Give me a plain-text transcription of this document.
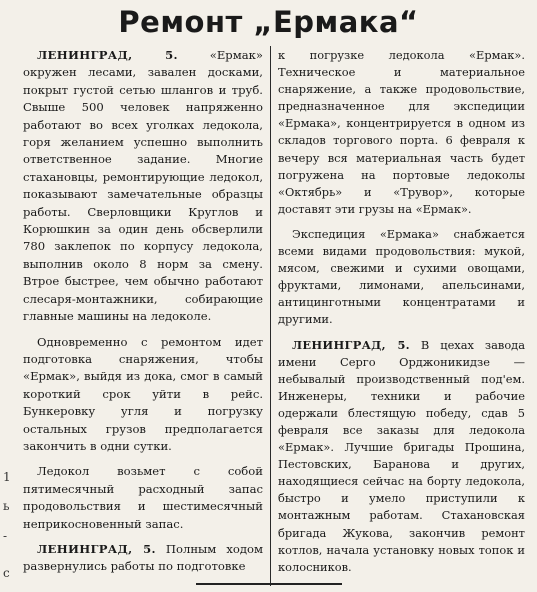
Ремонт „Ермака“
1
ь
-
с

ЛЕНИНГРАД, 5. «Ермак» окружен лесами, завален досками, покрыт густой сетью шлангов и труб. Свыше 500 человек напряженно работают во всех уголках ледокола, горя желанием успешно выполнить ответственное задание. Многие стахановцы, ремонтирующие ледокол, показывают замечательные образцы работы. Сверловщики Круглов и Корюшкин за один день обсверлили 780 заклепок по корпусу ледокола, выполнив около 8 норм за смену. Втрое быстрее, чем обычно работают слесаря-монтажники, собирающие главные машины на ледоколе.

Одновременно с ремонтом идет подготовка снаряжения, чтобы «Ермак», выйдя из дока, смог в самый короткий срок уйти в рейс. Бункеровку угля и погрузку остальных грузов предполагается закончить в одни сутки.

Ледокол возьмет с собой пятимесячный расходный запас продовольствия и шестимесячный неприкосновенный запас.

ЛЕНИНГРАД, 5. Полным ходом развернулись работы по подготовке

к погрузке ледокола «Ермак». Техническое и материальное снаряжение, а также продовольствие, предназначенное для экспедиции «Ермака», концентрируется в одном из складов торгового порта. 6 февраля к вечеру вся материальная часть будет погружена на портовые ледоколы «Октябрь» и «Трувор», которые доставят эти грузы на «Ермак».

Экспедиция «Ермака» снабжается всеми видами продовольствия: мукой, мясом, свежими и сухими овощами, фруктами, лимонами, апельсинами, антицинготными концентратами и другими.

ЛЕНИНГРАД, 5. В цехах завода имени Серго Орджоникидзе — небывалый производственный под'ем. Инженеры, техники и рабочие одержали блестящую победу, сдав 5 февраля все заказы для ледокола «Ермак». Лучшие бригады Прошина, Пестовских, Баранова и других, находящиеся сейчас на борту ледокола, быстро и умело приступили к монтажным работам. Стахановская бригада Жукова, закончив ремонт котлов, начала установку новых топок и колосников.
